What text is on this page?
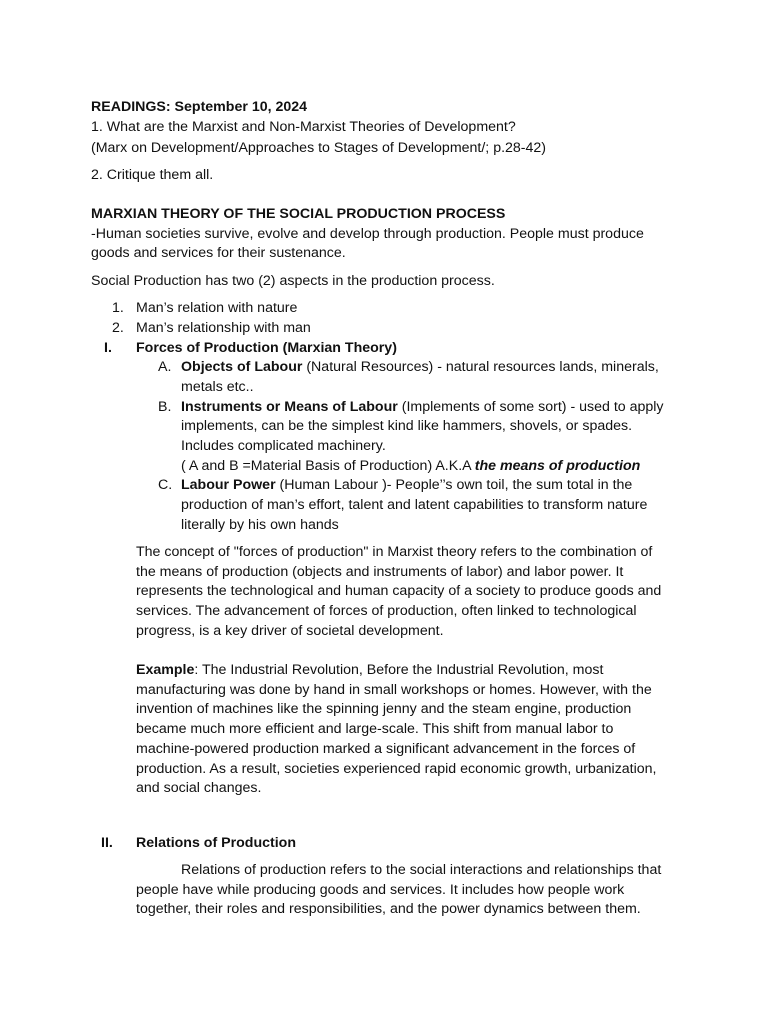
READINGS: September 10, 2024
1. What are the Marxist and Non-Marxist Theories of Development?
(Marx on Development/Approaches to Stages of Development/; p.28-42)
2. Critique them all.
MARXIAN THEORY OF THE SOCIAL PRODUCTION PROCESS
-Human societies survive, evolve and develop through production. People must produce
goods and services for their sustenance.
Social Production has two (2) aspects in the production process.
1. Man’s relation with nature
2. Man’s relationship with man
I. Forces of Production (Marxian Theory)
A. Objects of Labour (Natural Resources) - natural resources lands, minerals,
metals etc..
B. Instruments or Means of Labour (Implements of some sort) - used to apply
implements, can be the simplest kind like hammers, shovels, or spades.
Includes complicated machinery.
( A and B =Material Basis of Production) A.K.A the means of production
C. Labour Power (Human Labour )- People’’s own toil, the sum total in the
production of man’s effort, talent and latent capabilities to transform nature
literally by his own hands
The concept of "forces of production" in Marxist theory refers to the combination of
the means of production (objects and instruments of labor) and labor power. It
represents the technological and human capacity of a society to produce goods and
services. The advancement of forces of production, often linked to technological
progress, is a key driver of societal development.
Example: The Industrial Revolution, Before the Industrial Revolution, most
manufacturing was done by hand in small workshops or homes. However, with the
invention of machines like the spinning jenny and the steam engine, production
became much more efficient and large-scale. This shift from manual labor to
machine-powered production marked a significant advancement in the forces of
production. As a result, societies experienced rapid economic growth, urbanization,
and social changes.
II. Relations of Production
Relations of production refers to the social interactions and relationships that
people have while producing goods and services. It includes how people work
together, their roles and responsibilities, and the power dynamics between them.
